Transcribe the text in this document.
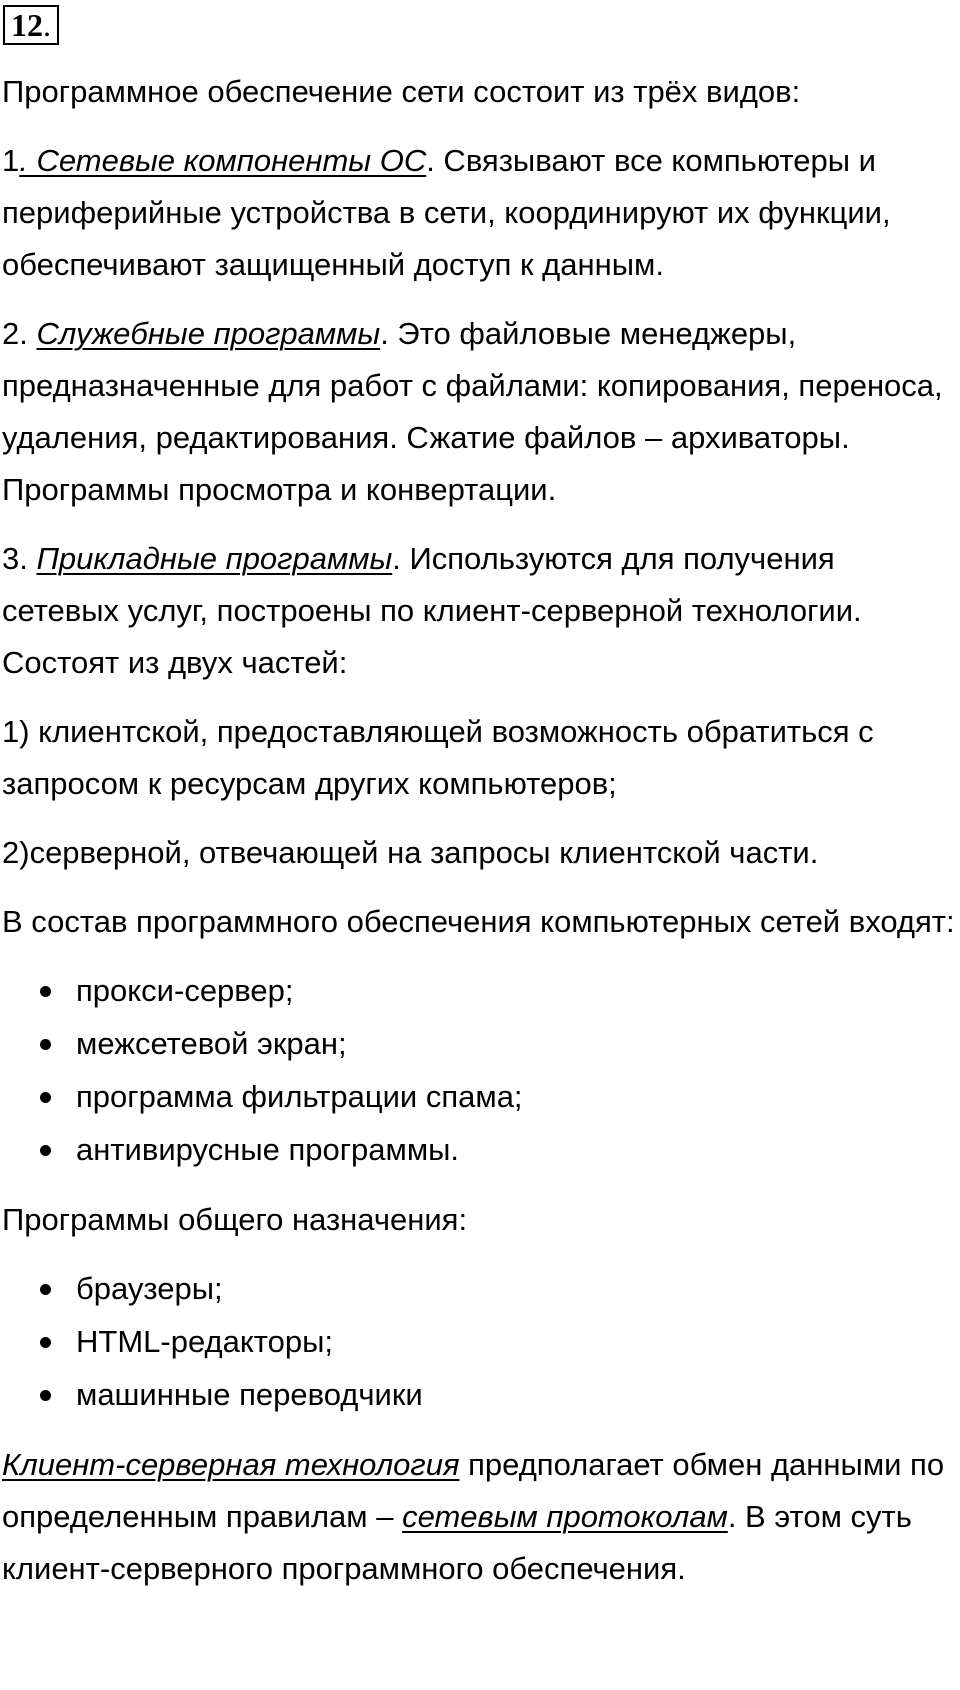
12.

Программное обеспечение сети состоит из трёх видов:

1. Сетевые компоненты ОС. Связывают все компьютеры и периферийные устройства в сети, координируют их функции, обеспечивают защищенный доступ к данным.

2. Служебные программы. Это файловые менеджеры, предназначенные для работ с файлами: копирования, переноса, удаления, редактирования. Сжатие файлов – архиваторы. Программы просмотра и конвертации.

3. Прикладные программы. Используются для получения сетевых услуг, построены по клиент-серверной технологии. Состоят из двух частей:

1) клиентской, предоставляющей возможность обратиться с запросом к ресурсам других компьютеров;

2)серверной, отвечающей на запросы клиентской части.

В состав программного обеспечения компьютерных сетей входят:

прокси-сервер;
межсетевой экран;
программа фильтрации спама;
антивирусные программы.

Программы общего назначения:

браузеры;
HTML-редакторы;
машинные переводчики

Клиент-серверная технология предполагает обмен данными по определенным правилам – сетевым протоколам. В этом суть клиент-серверного программного обеспечения.
